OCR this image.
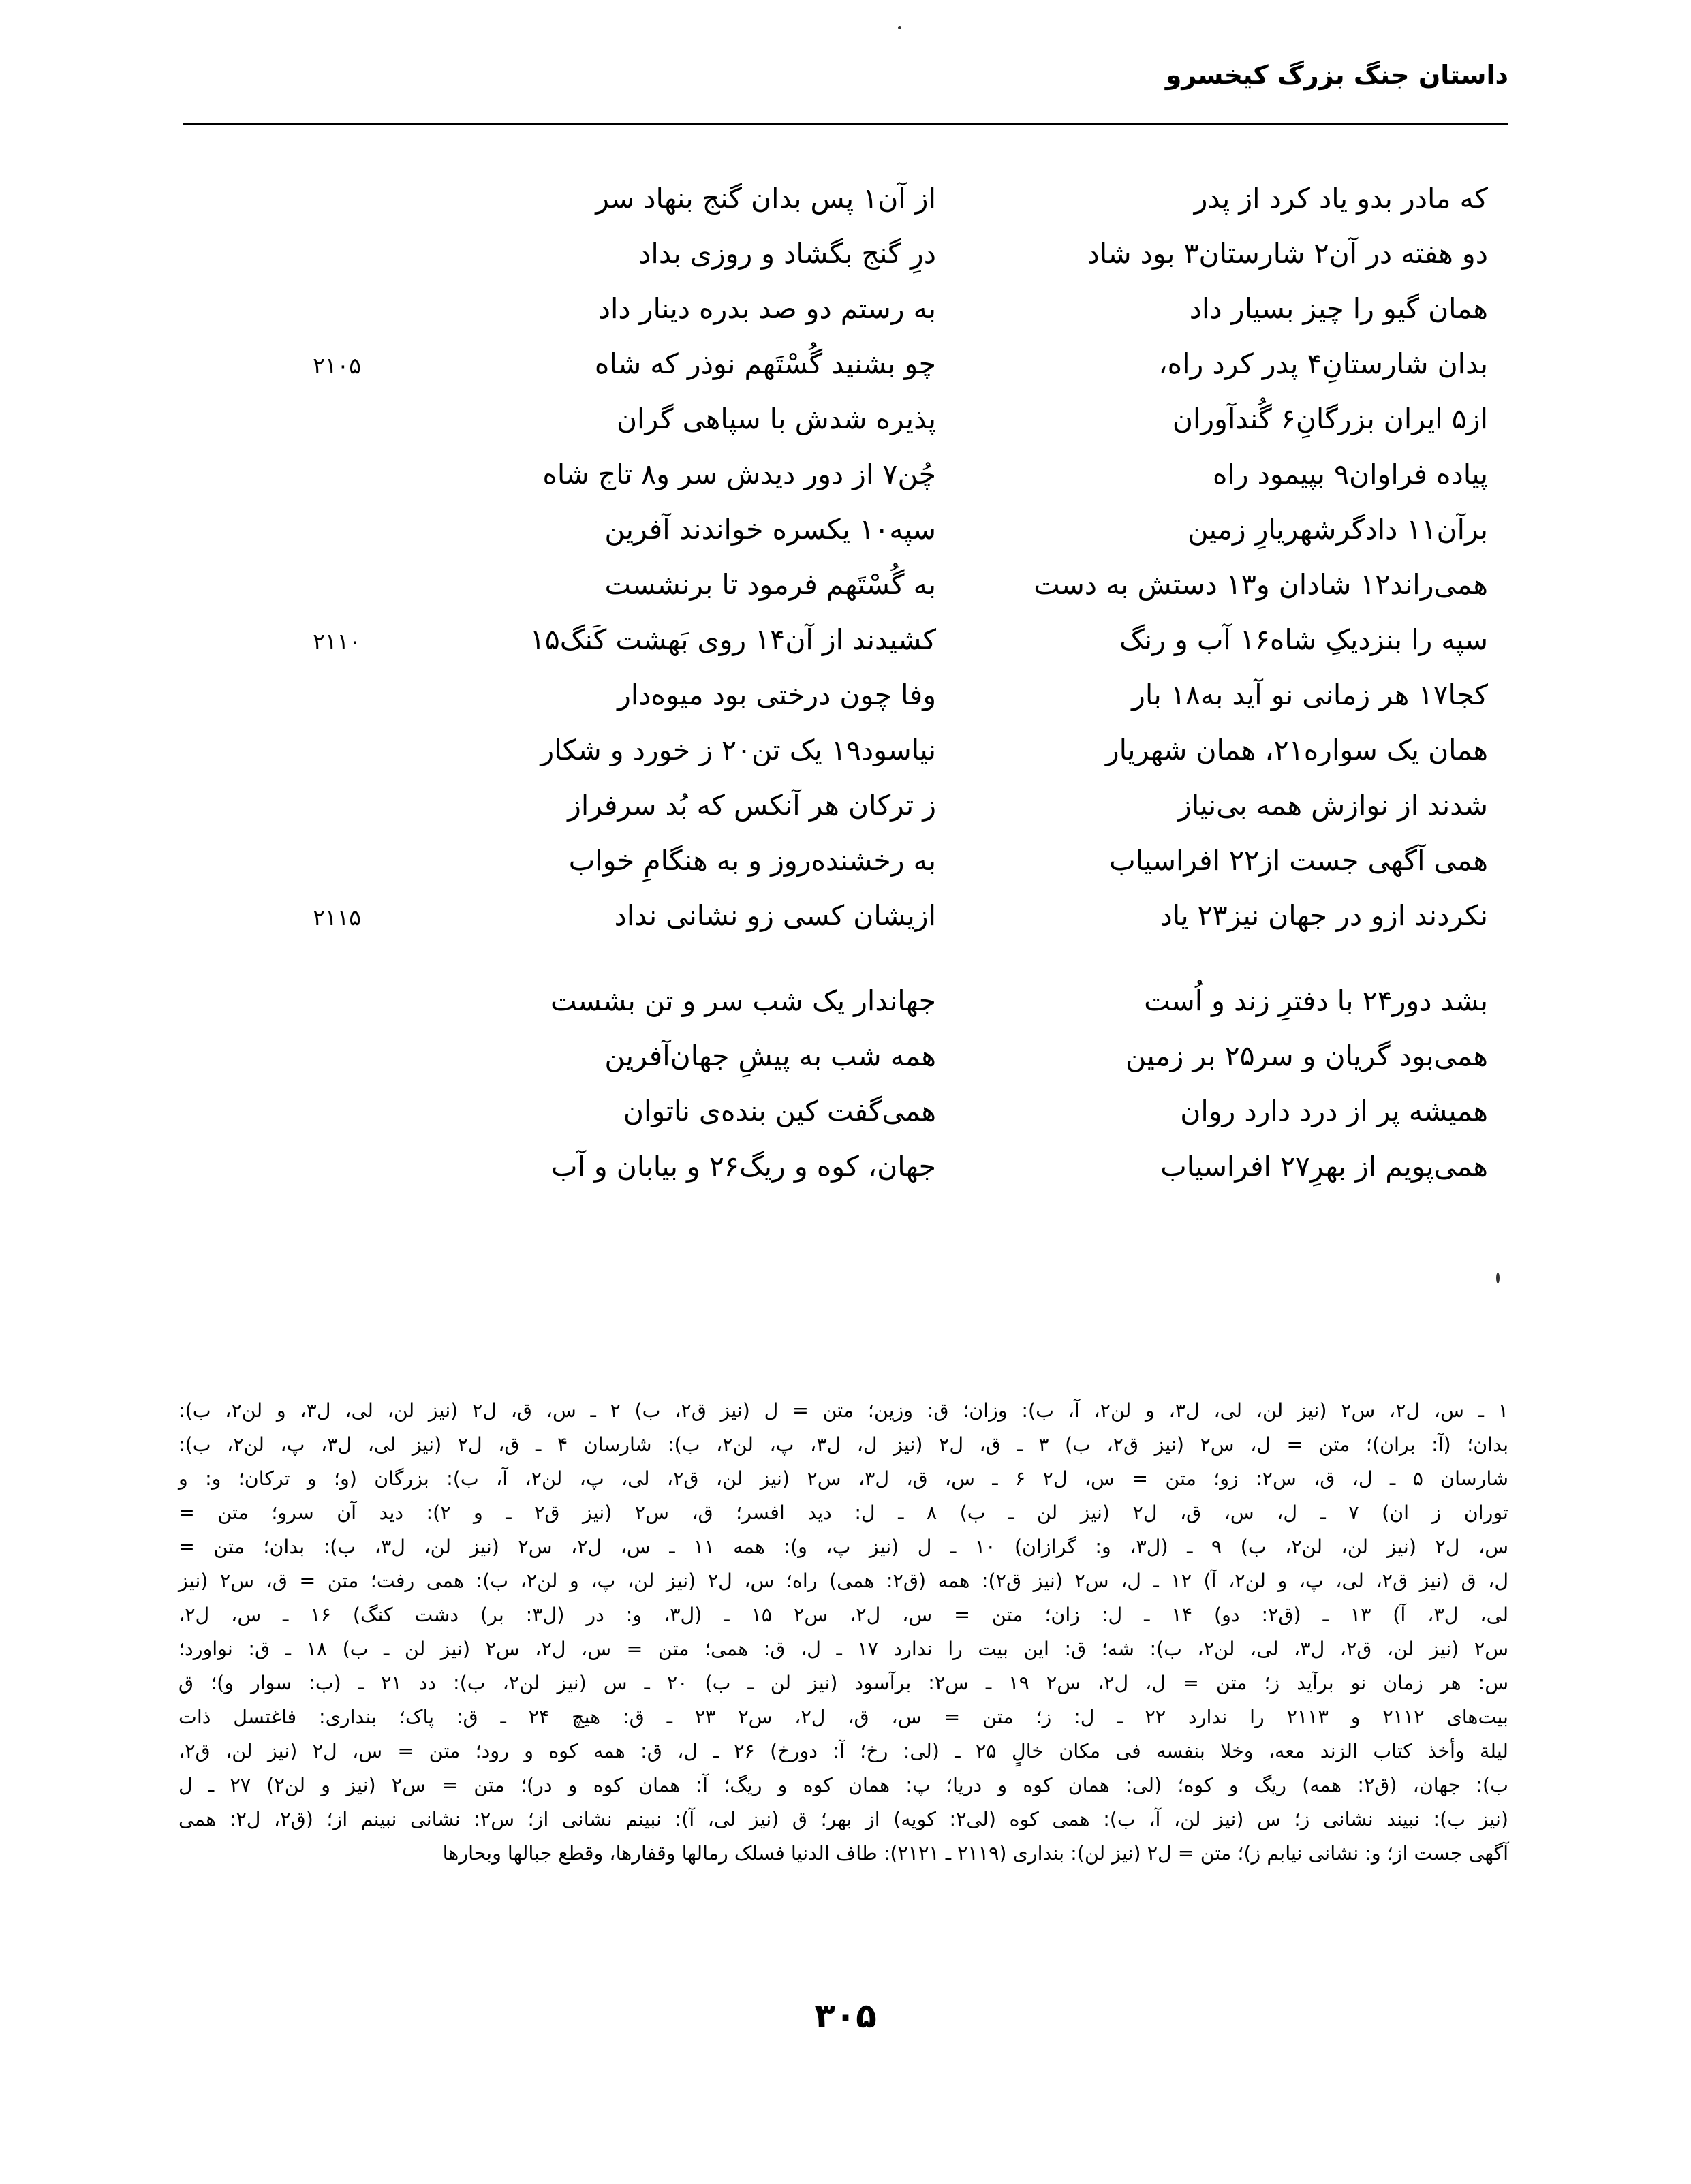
داستان جنگ بزرگ کیخسرو
که مادر بدو یاد کرد از پدر
از آن۱ پس بدان گنج بنهاد سر
دو هفته در آن۲ شارستان۳ بود شاد
درِ گنج بگشاد و روزی بداد
همان گیو را چیز بسیار داد
به رستم دو صد بدره دینار داد
بدان شارستانِ۴ پدر کرد راه،
چو بشنید گُسْتَهم نوذر که شاه
۲۱۰۵
از۵ ایران بزرگانِ۶ گُندآوران
پذیره شدش با سپاهی گران
پیاده فراوان۹ بپیمود راه
چُن۷ از دور دیدش سر و۸ تاج شاه
برآن۱۱ دادگرشهریارِ زمین
سپه۱۰ یکسره خواندند آفرین
همی‌راند۱۲ شادان و۱۳ دستش به دست
به گُسْتَهم فرمود تا برنشست
سپه را بنزدیکِ شاه۱۶ آب و رنگ
کشیدند از آن۱۴ روی بَهشت کَنگ۱۵
۲۱۱۰
کجا۱۷ هر زمانی نو آید به۱۸ بار
وفا چون درختی بود میوه‌دار
همان یک سواره۲۱، همان شهریار
نیاسود۱۹ یک تن۲۰ ز خورد و شکار
شدند از نوازش همه بی‌نیاز
ز ترکان هر آنکس که بُد سرفراز
همی آگهی جست از۲۲ افراسیاب
به رخشنده‌روز و به هنگامِ خواب
نکردند ازو در جهان نیز۲۳ یاد
ازیشان کسی زو نشانی نداد
۲۱۱۵
بشد دور۲۴ با دفترِ زند و اُست
جهاندار یک شب سر و تن بشست
همی‌بود گریان و سر۲۵ بر زمین
همه شب به پیشِ جهان‌آفرین
همیشه پر از درد دارد روان
همی‌گفت کین بنده‌ی ناتوان
همی‌پویم از بهرِ۲۷ افراسیاب
جهان، کوه و ریگ۲۶ و بیابان و آب

۱ ـ س، ل۲، س۲ (نیز لن، لی، ل۳، و لن۲، آ، ب): وزان؛ ق: وزین؛ متن = ل (نیز ق۲، ب) ۲ ـ س، ق، ل۲ (نیز لن، لی، ل۳، و لن۲، ب):

بدان؛ (آ: بران)؛ متن = ل، س۲ (نیز ق۲، ب) ۳ ـ ق، ل۲ (نیز ل، ل۳، پ، لن۲، ب): شارسان ۴ ـ ق، ل۲ (نیز لی، ل۳، پ، لن۲، ب):

شارسان ۵ ـ ل، ق، س۲: زو؛ متن = س، ل۲ ۶ ـ س، ق، ل۳، س۲ (نیز لن، ق۲، لی، پ، لن۲، آ، ب): بزرگان (و؛ و ترکان؛ و: و

توران ز ان) ۷ ـ ل، س، ق، ل۲ (نیز لن ـ ب) ۸ ـ ل: دید افسر؛ ق، س۲ (نیز ق۲ ـ و ۲): دید آن سرو؛ متن =

س، ل۲ (نیز لن، لن۲، ب) ۹ ـ (ل۳، و: گرازان) ۱۰ ـ ل (نیز پ، و): همه ۱۱ ـ س، ل۲، س۲ (نیز لن، ل۳، ب): بدان؛ متن =

ل، ق (نیز ق۲، لی، پ، و لن۲، آ) ۱۲ ـ ل، س۲ (نیز ق۲): همه (ق۲: همی) راه؛ س، ل۲ (نیز لن، پ، و لن۲، ب): همی رفت؛ متن = ق، س۲ (نیز

لی، ل۳، آ) ۱۳ ـ (ق۲: دو) ۱۴ ـ ل: زان؛ متن = س، ل۲، س۲ ۱۵ ـ (ل۳، و: در (ل۳: بر) دشت کنگ) ۱۶ ـ س، ل۲،

س۲ (نیز لن، ق۲، ل۳، لی، لن۲، ب): شه؛ ق: این بیت را ندارد ۱۷ ـ ل، ق: همی؛ متن = س، ل۲، س۲ (نیز لن ـ ب) ۱۸ ـ ق: نواورد؛

س: هر زمان نو برآید ز؛ متن = ل، ل۲، س۲ ۱۹ ـ س۲: برآسود (نیز لن ـ ب) ۲۰ ـ س (نیز لن۲، ب): دد ۲۱ ـ (ب: سوار و)؛ ق

بیت‌های ۲۱۱۲ و ۲۱۱۳ را ندارد ۲۲ ـ ل: ز؛ متن = س، ق، ل۲، س۲ ۲۳ ـ ق: هیچ ۲۴ ـ ق: پاک؛ بنداری: فاغتسل ذات

لیلة وأخذ کتاب الزند معه، وخلا بنفسه فی مکان خالٍ ۲۵ ـ (لی: رخ؛ آ: دورخ) ۲۶ ـ ل، ق: همه کوه و رود؛ متن = س، ل۲ (نیز لن، ق۲،

ب): جهان، (ق۲: همه) ریگ و کوه؛ (لی: همان کوه و دریا؛ پ: همان کوه و ریگ؛ آ: همان کوه و در)؛ متن = س۲ (نیز و لن۲) ۲۷ ـ ل

(نیز ب): نبیند نشانی ز؛ س (نیز لن، آ، ب): همی کوه (لی۲: کویه) از بهر؛ ق (نیز لی، آ): نبینم نشانی از؛ س۲: نشانی نبینم از؛ (ق۲، ل۲: همی

آگهی جست از؛ و: نشانی نیابم ز)؛ متن = ل۲ (نیز لن): بنداری (۲۱۱۹ ـ ۲۱۲۱): طاف الدنیا فسلک رمالها وقفارها، وقطع جبالها وبحارها

۳۰۵
